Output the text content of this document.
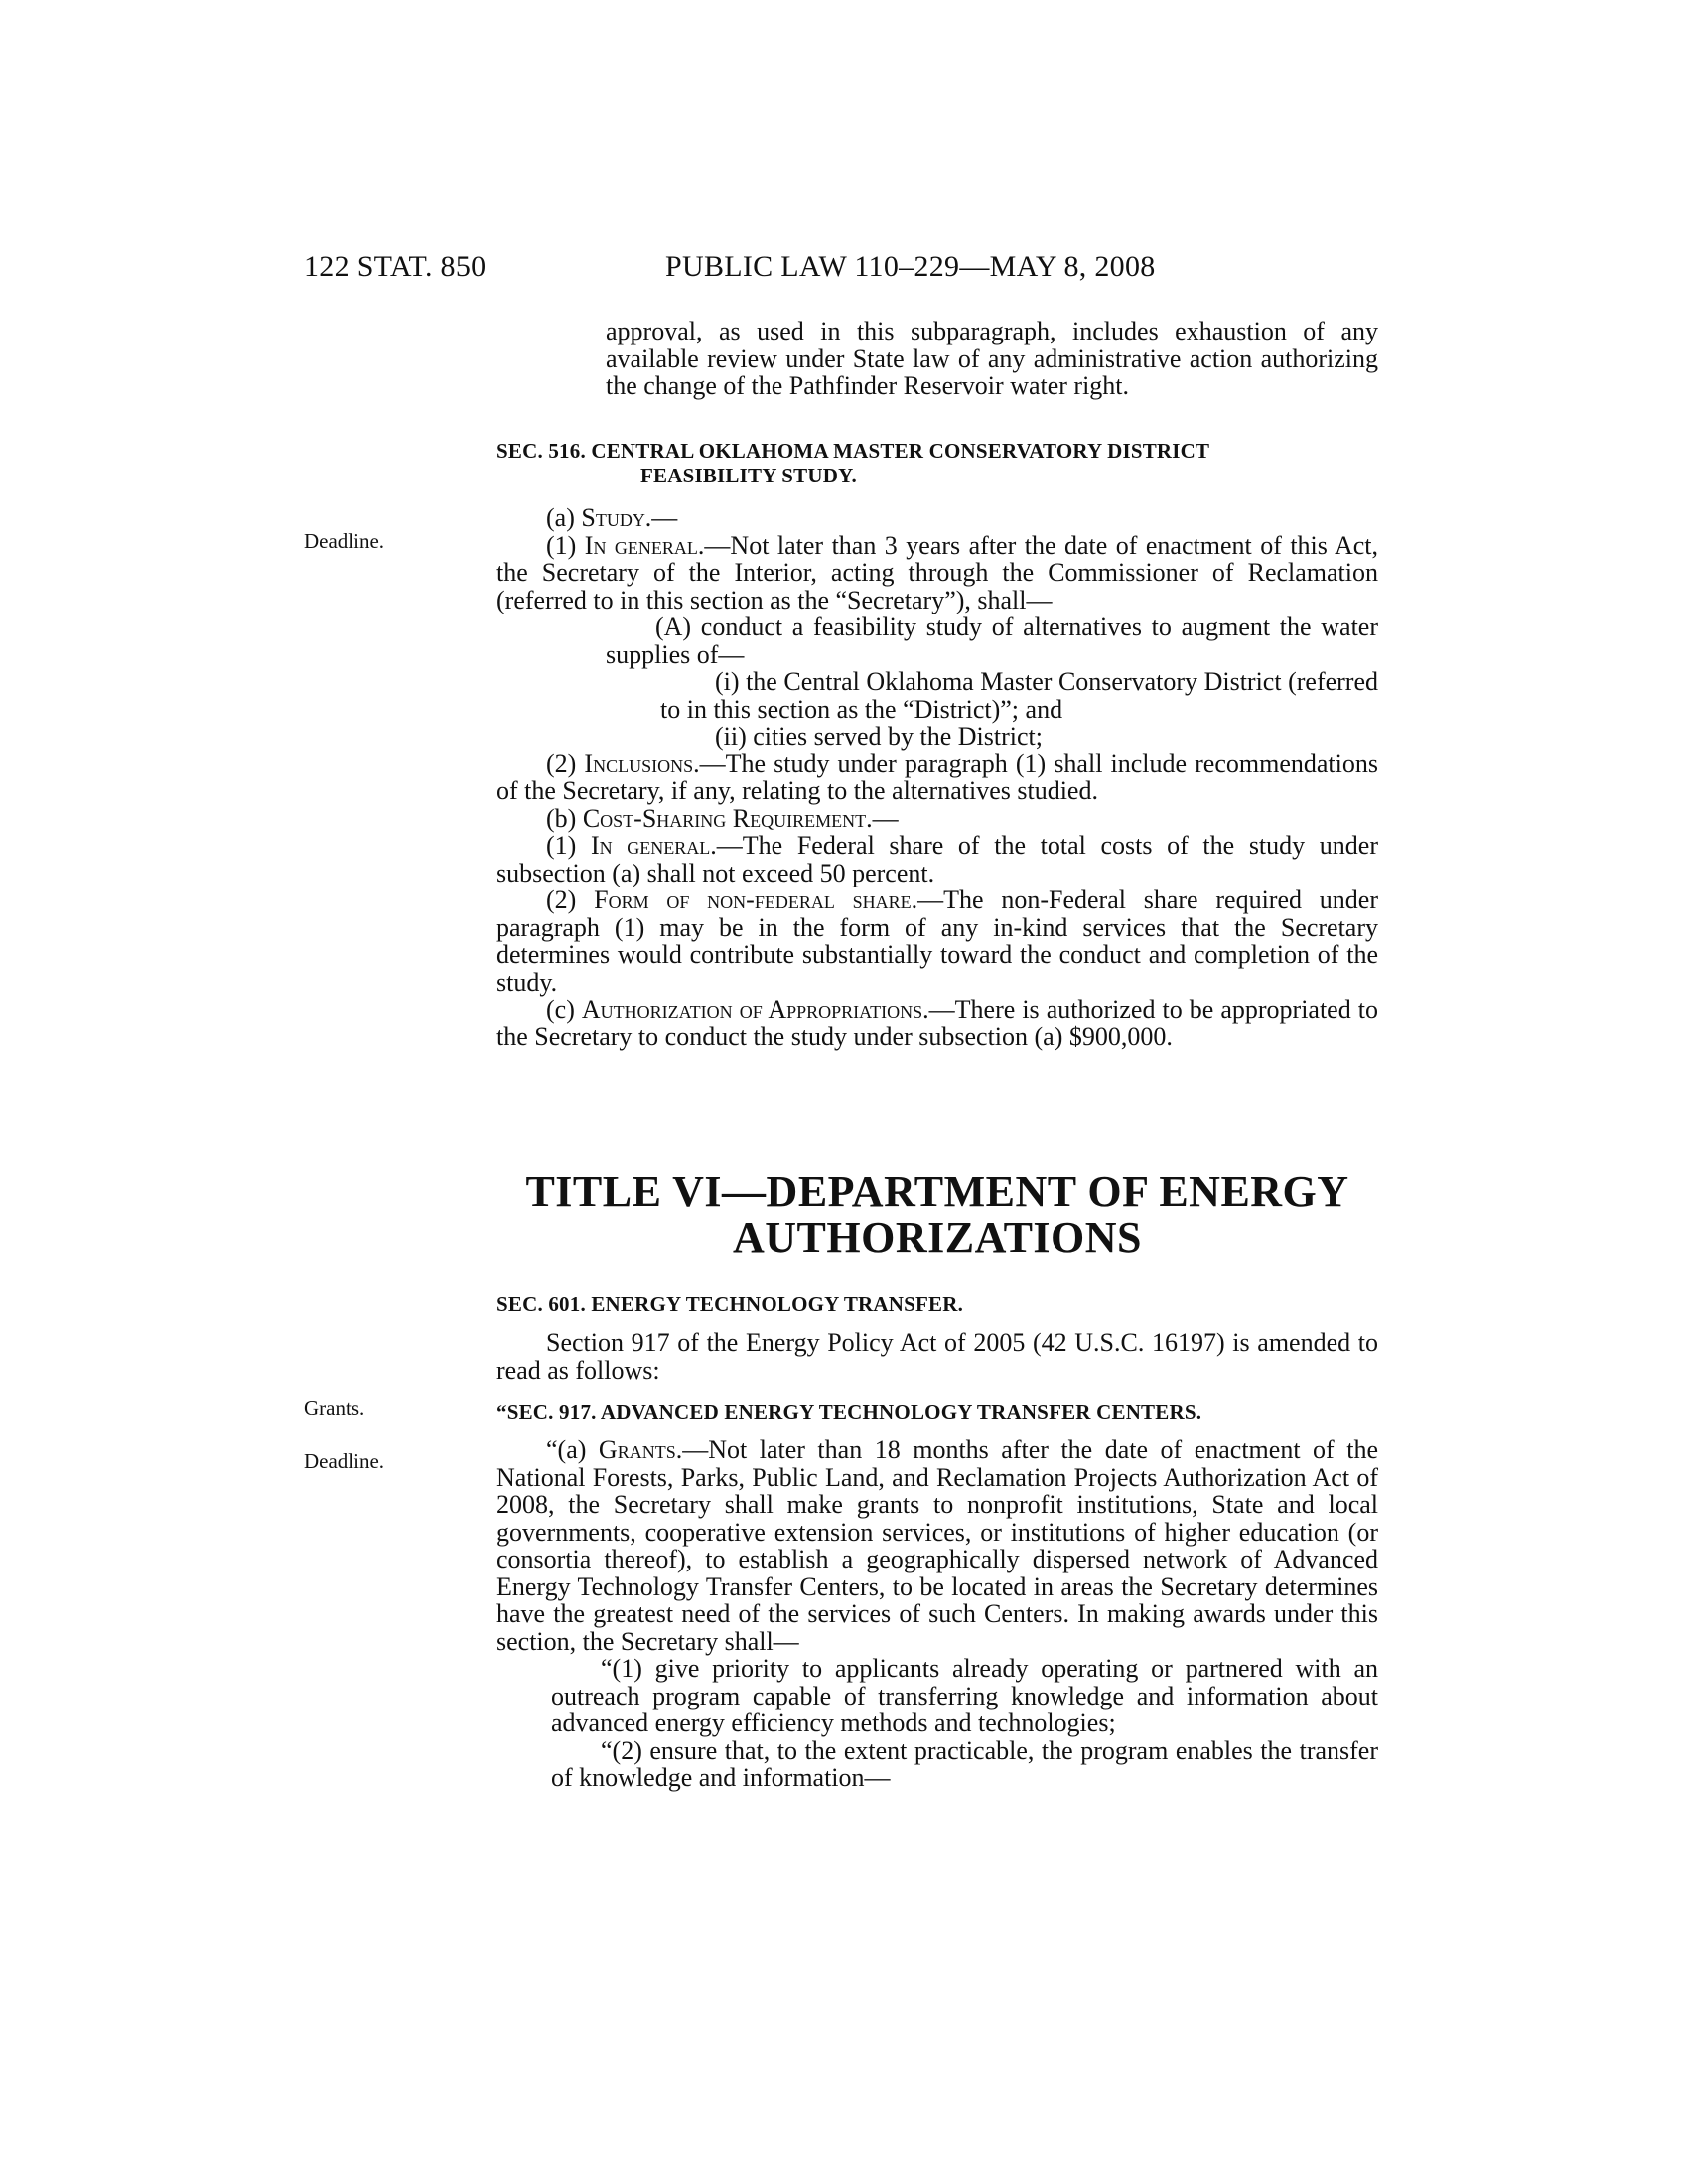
122 STAT. 850	PUBLIC LAW 110–229—MAY 8, 2008
Deadline.
Grants.
Deadline.

approval, as used in this subparagraph, includes exhaustion of any available review under State law of any administrative action authorizing the change of the Pathfinder Reservoir water right.

SEC. 516. CENTRAL OKLAHOMA MASTER CONSERVATORY DISTRICT
FEASIBILITY STUDY.

(a) Study.—

(1) In general.—Not later than 3 years after the date of enactment of this Act, the Secretary of the Interior, acting through the Commissioner of Reclamation (referred to in this section as the “Secretary”), shall—

(A) conduct a feasibility study of alternatives to augment the water supplies of—

(i) the Central Oklahoma Master Conservatory District (referred to in this section as the “District)”; and

(ii) cities served by the District;

(2) Inclusions.—The study under paragraph (1) shall include recommendations of the Secretary, if any, relating to the alternatives studied.

(b) Cost-Sharing Requirement.—

(1) In general.—The Federal share of the total costs of the study under subsection (a) shall not exceed 50 percent.

(2) Form of non-federal share.—The non-Federal share required under paragraph (1) may be in the form of any in-kind services that the Secretary determines would contribute substantially toward the conduct and completion of the study.

(c) Authorization of Appropriations.—There is authorized to be appropriated to the Secretary to conduct the study under subsection (a) $900,000.

TITLE VI—DEPARTMENT OF ENERGY
AUTHORIZATIONS
SEC. 601. ENERGY TECHNOLOGY TRANSFER.

Section 917 of the Energy Policy Act of 2005 (42 U.S.C. 16197) is amended to read as follows:

“SEC. 917. ADVANCED ENERGY TECHNOLOGY TRANSFER CENTERS.

“(a) Grants.—Not later than 18 months after the date of enactment of the National Forests, Parks, Public Land, and Reclamation Projects Authorization Act of 2008, the Secretary shall make grants to nonprofit institutions, State and local governments, cooperative extension services, or institutions of higher education (or consortia thereof), to establish a geographically dispersed network of Advanced Energy Technology Transfer Centers, to be located in areas the Secretary determines have the greatest need of the services of such Centers. In making awards under this section, the Secretary shall—

“(1) give priority to applicants already operating or partnered with an outreach program capable of transferring knowledge and information about advanced energy efficiency methods and technologies;

“(2) ensure that, to the extent practicable, the program enables the transfer of knowledge and information—
